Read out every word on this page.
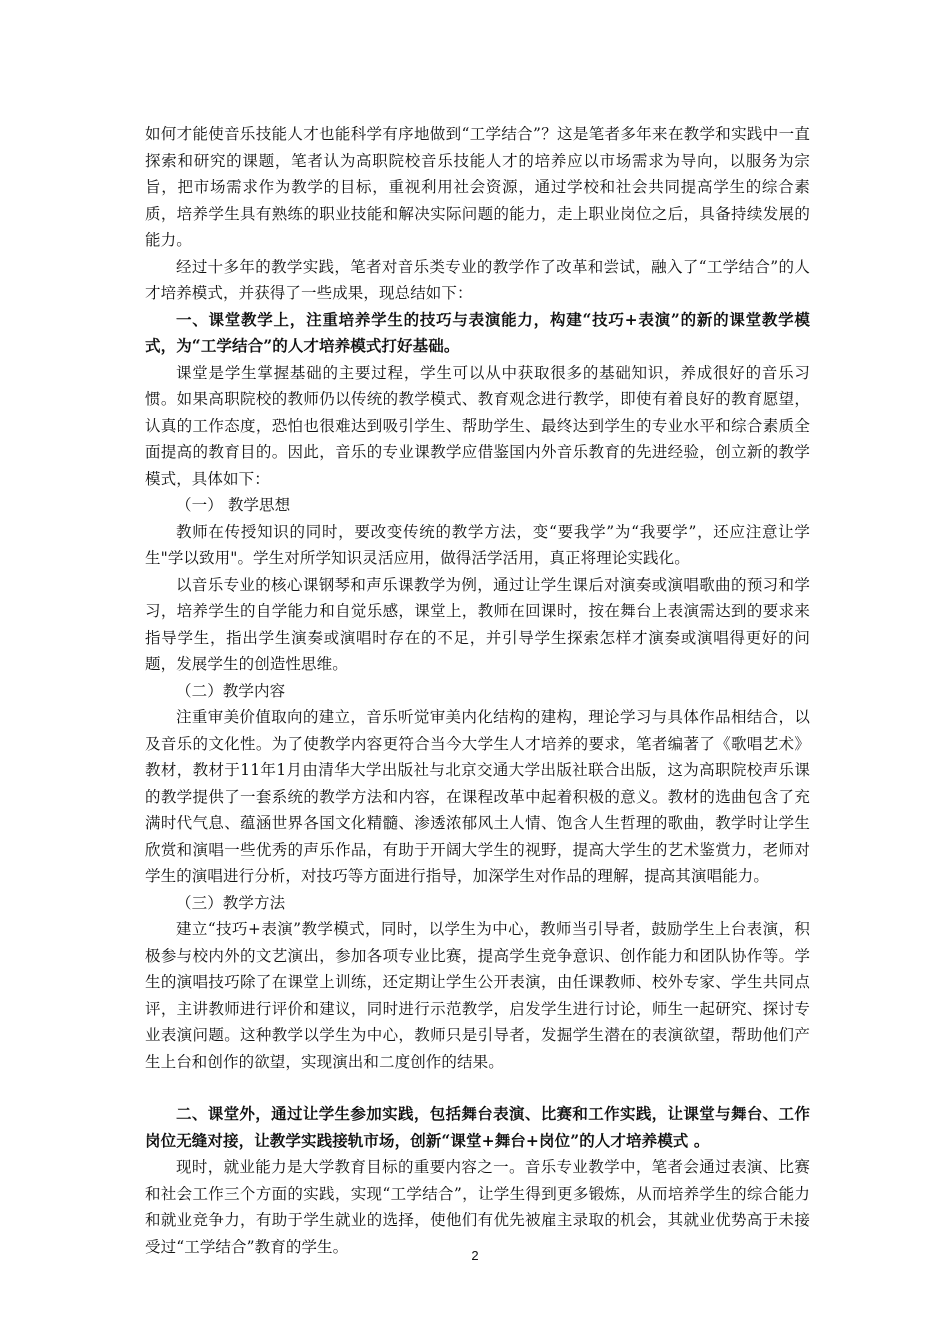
如何才能使音乐技能人才也能科学有序地做到“工学结合”？这是笔者多年来在教学和实践中一直探索和研究的课题，笔者认为高职院校音乐技能人才的培养应以市场需求为导向，以服务为宗旨，把市场需求作为教学的目标，重视利用社会资源，通过学校和社会共同提高学生的综合素质，培养学生具有熟练的职业技能和解决实际问题的能力，走上职业岗位之后，具备持续发展的能力。

经过十多年的教学实践，笔者对音乐类专业的教学作了改革和尝试，融入了“工学结合”的人才培养模式，并获得了一些成果，现总结如下：

一、课堂教学上，注重培养学生的技巧与表演能力，构建“技巧+表演”的新的课堂教学模式，为“工学结合”的人才培养模式打好基础。

课堂是学生掌握基础的主要过程，学生可以从中获取很多的基础知识，养成很好的音乐习惯。如果高职院校的教师仍以传统的教学模式、教育观念进行教学，即使有着良好的教育愿望，认真的工作态度，恐怕也很难达到吸引学生、帮助学生、最终达到学生的专业水平和综合素质全面提高的教育目的。因此，音乐的专业课教学应借鉴国内外音乐教育的先进经验，创立新的教学模式，具体如下：

（一） 教学思想

教师在传授知识的同时，要改变传统的教学方法，变“要我学”为“我要学”，还应注意让学生"学以致用"。学生对所学知识灵活应用，做得活学活用，真正将理论实践化。

以音乐专业的核心课钢琴和声乐课教学为例，通过让学生课后对演奏或演唱歌曲的预习和学习，培养学生的自学能力和自觉乐感，课堂上，教师在回课时，按在舞台上表演需达到的要求来指导学生，指出学生演奏或演唱时存在的不足，并引导学生探索怎样才演奏或演唱得更好的问题，发展学生的创造性思维。

（二）教学内容

注重审美价值取向的建立，音乐听觉审美内化结构的建构，理论学习与具体作品相结合，以及音乐的文化性。为了使教学内容更符合当今大学生人才培养的要求，笔者编著了《歌唱艺术》教材，教材于11年1月由清华大学出版社与北京交通大学出版社联合出版，这为高职院校声乐课的教学提供了一套系统的教学方法和内容，在课程改革中起着积极的意义。教材的选曲包含了充满时代气息、蕴涵世界各国文化精髓、渗透浓郁风土人情、饱含人生哲理的歌曲，教学时让学生欣赏和演唱一些优秀的声乐作品，有助于开阔大学生的视野，提高大学生的艺术鉴赏力，老师对学生的演唱进行分析，对技巧等方面进行指导，加深学生对作品的理解，提高其演唱能力。

（三）教学方法

建立“技巧+表演”教学模式，同时，以学生为中心，教师当引导者，鼓励学生上台表演，积极参与校内外的文艺演出，参加各项专业比赛，提高学生竞争意识、创作能力和团队协作等。学生的演唱技巧除了在课堂上训练，还定期让学生公开表演，由任课教师、校外专家、学生共同点评，主讲教师进行评价和建议，同时进行示范教学，启发学生进行讨论，师生一起研究、探讨专业表演问题。这种教学以学生为中心，教师只是引导者，发掘学生潜在的表演欲望，帮助他们产生上台和创作的欲望，实现演出和二度创作的结果。

二、课堂外，通过让学生参加实践，包括舞台表演、比赛和工作实践，让课堂与舞台、工作岗位无缝对接，让教学实践接轨市场，创新“课堂+舞台+岗位”的人才培养模式 。

现时，就业能力是大学教育目标的重要内容之一。音乐专业教学中，笔者会通过表演、比赛和社会工作三个方面的实践，实现“工学结合”，让学生得到更多锻炼，从而培养学生的综合能力和就业竞争力，有助于学生就业的选择，使他们有优先被雇主录取的机会，其就业优势高于未接受过“工学结合”教育的学生。	2
